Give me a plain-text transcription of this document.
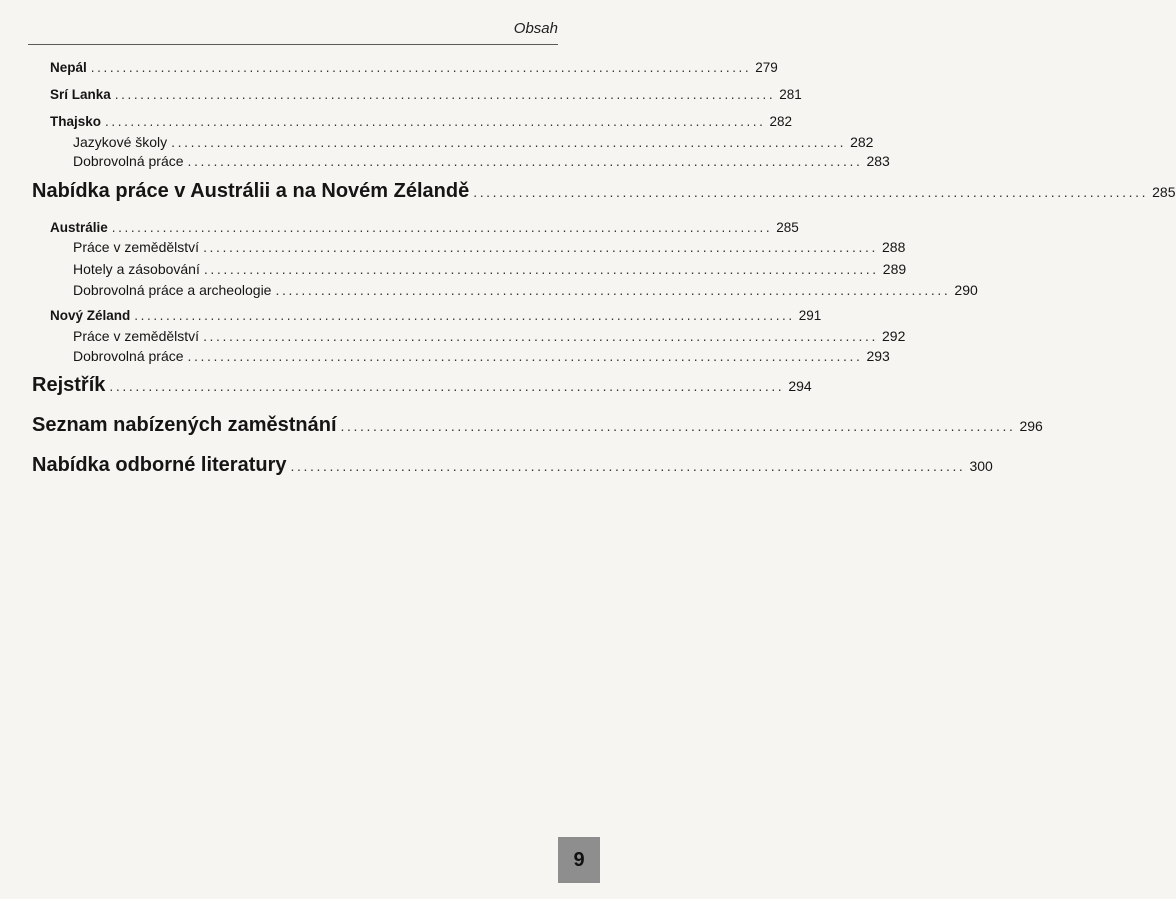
Obsah
Nepál ........................................................................................................ 279
Srí Lanka ........................................................................................................ 281
Thajsko ........................................................................................................ 282
Jazykové školy ........................................................................................................ 282
Dobrovolná práce ........................................................................................................ 283
Nabídka práce v Austrálii a na Novém Zélandě ........................................................................................................ 285
Austrálie ........................................................................................................ 285
Práce v zemědělství ........................................................................................................ 288
Hotely a zásobování ........................................................................................................ 289
Dobrovolná práce a archeologie ........................................................................................................ 290
Nový Zéland ........................................................................................................ 291
Práce v zemědělství ........................................................................................................ 292
Dobrovolná práce ........................................................................................................ 293
Rejstřík ........................................................................................................ 294
Seznam nabízených zaměstnání ........................................................................................................ 296
Nabídka odborné literatury ........................................................................................................ 300
9
